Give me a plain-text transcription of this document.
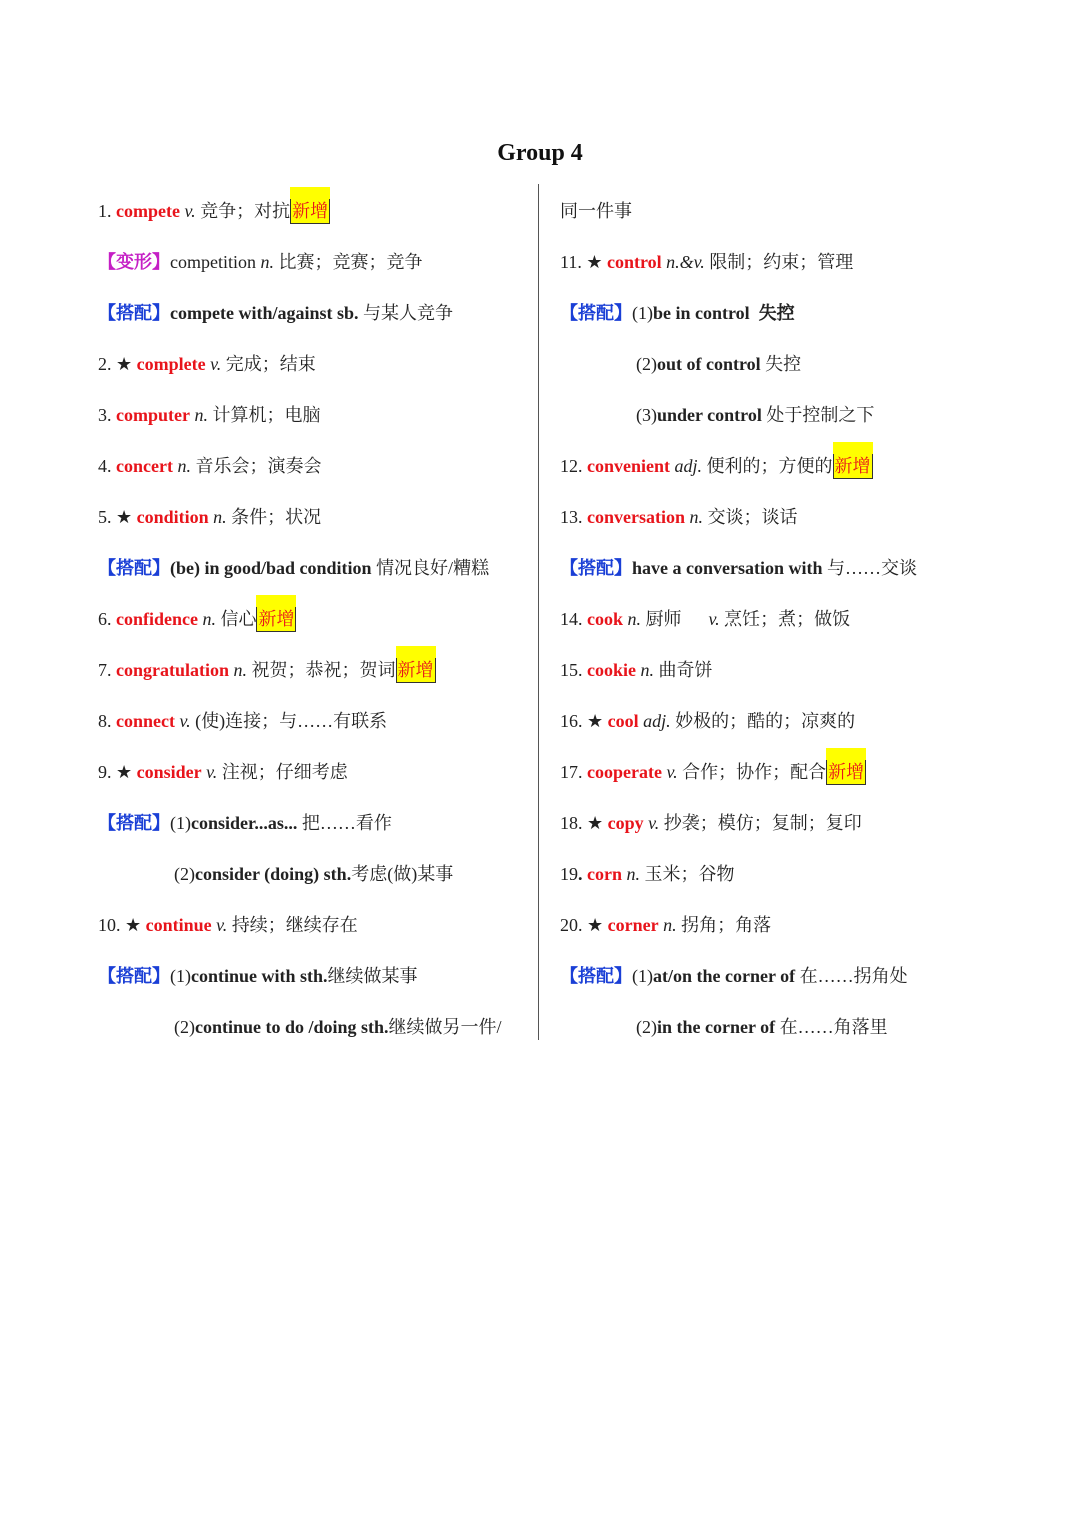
Group 4
1. compete v. 竞争；对抗 新增
【变形】competition n. 比赛；竞赛；竞争
【搭配】compete with/against sb. 与某人竞争
2. ★ complete v. 完成；结束
3. computer n. 计算机；电脑
4. concert n. 音乐会；演奏会
5. ★ condition n. 条件；状况
【搭配】(be) in good/bad condition 情况良好/糟糕
6. confidence n. 信心 新增
7. congratulation n. 祝贺；恭祝；贺词 新增
8. connect v. (使)连接；与……有联系
9. ★ consider v. 注视；仔细考虑
【搭配】(1)consider...as... 把……看作
(2)consider (doing) sth.考虑(做)某事
10. ★ continue v. 持续；继续存在
【搭配】(1)continue with sth.继续做某事
(2)continue to do /doing sth.继续做另一件/
同一件事
11. ★ control n.&v. 限制；约束；管理
【搭配】(1)be in control 失控
(2)out of control 失控
(3)under control 处于控制之下
12. convenient adj. 便利的；方便的 新增
13. conversation n. 交谈；谈话
【搭配】have a conversation with 与……交谈
14. cook n. 厨师 v. 烹饪；煮；做饭
15. cookie n. 曲奇饼
16. ★ cool adj. 妙极的；酷的；凉爽的
17. cooperate v. 合作；协作；配合 新增
18. ★ copy v. 抄袭；模仿；复制；复印
19. corn n. 玉米；谷物
20. ★ corner n. 拐角；角落
【搭配】(1)at/on the corner of 在……拐角处
(2)in the corner of 在……角落里
